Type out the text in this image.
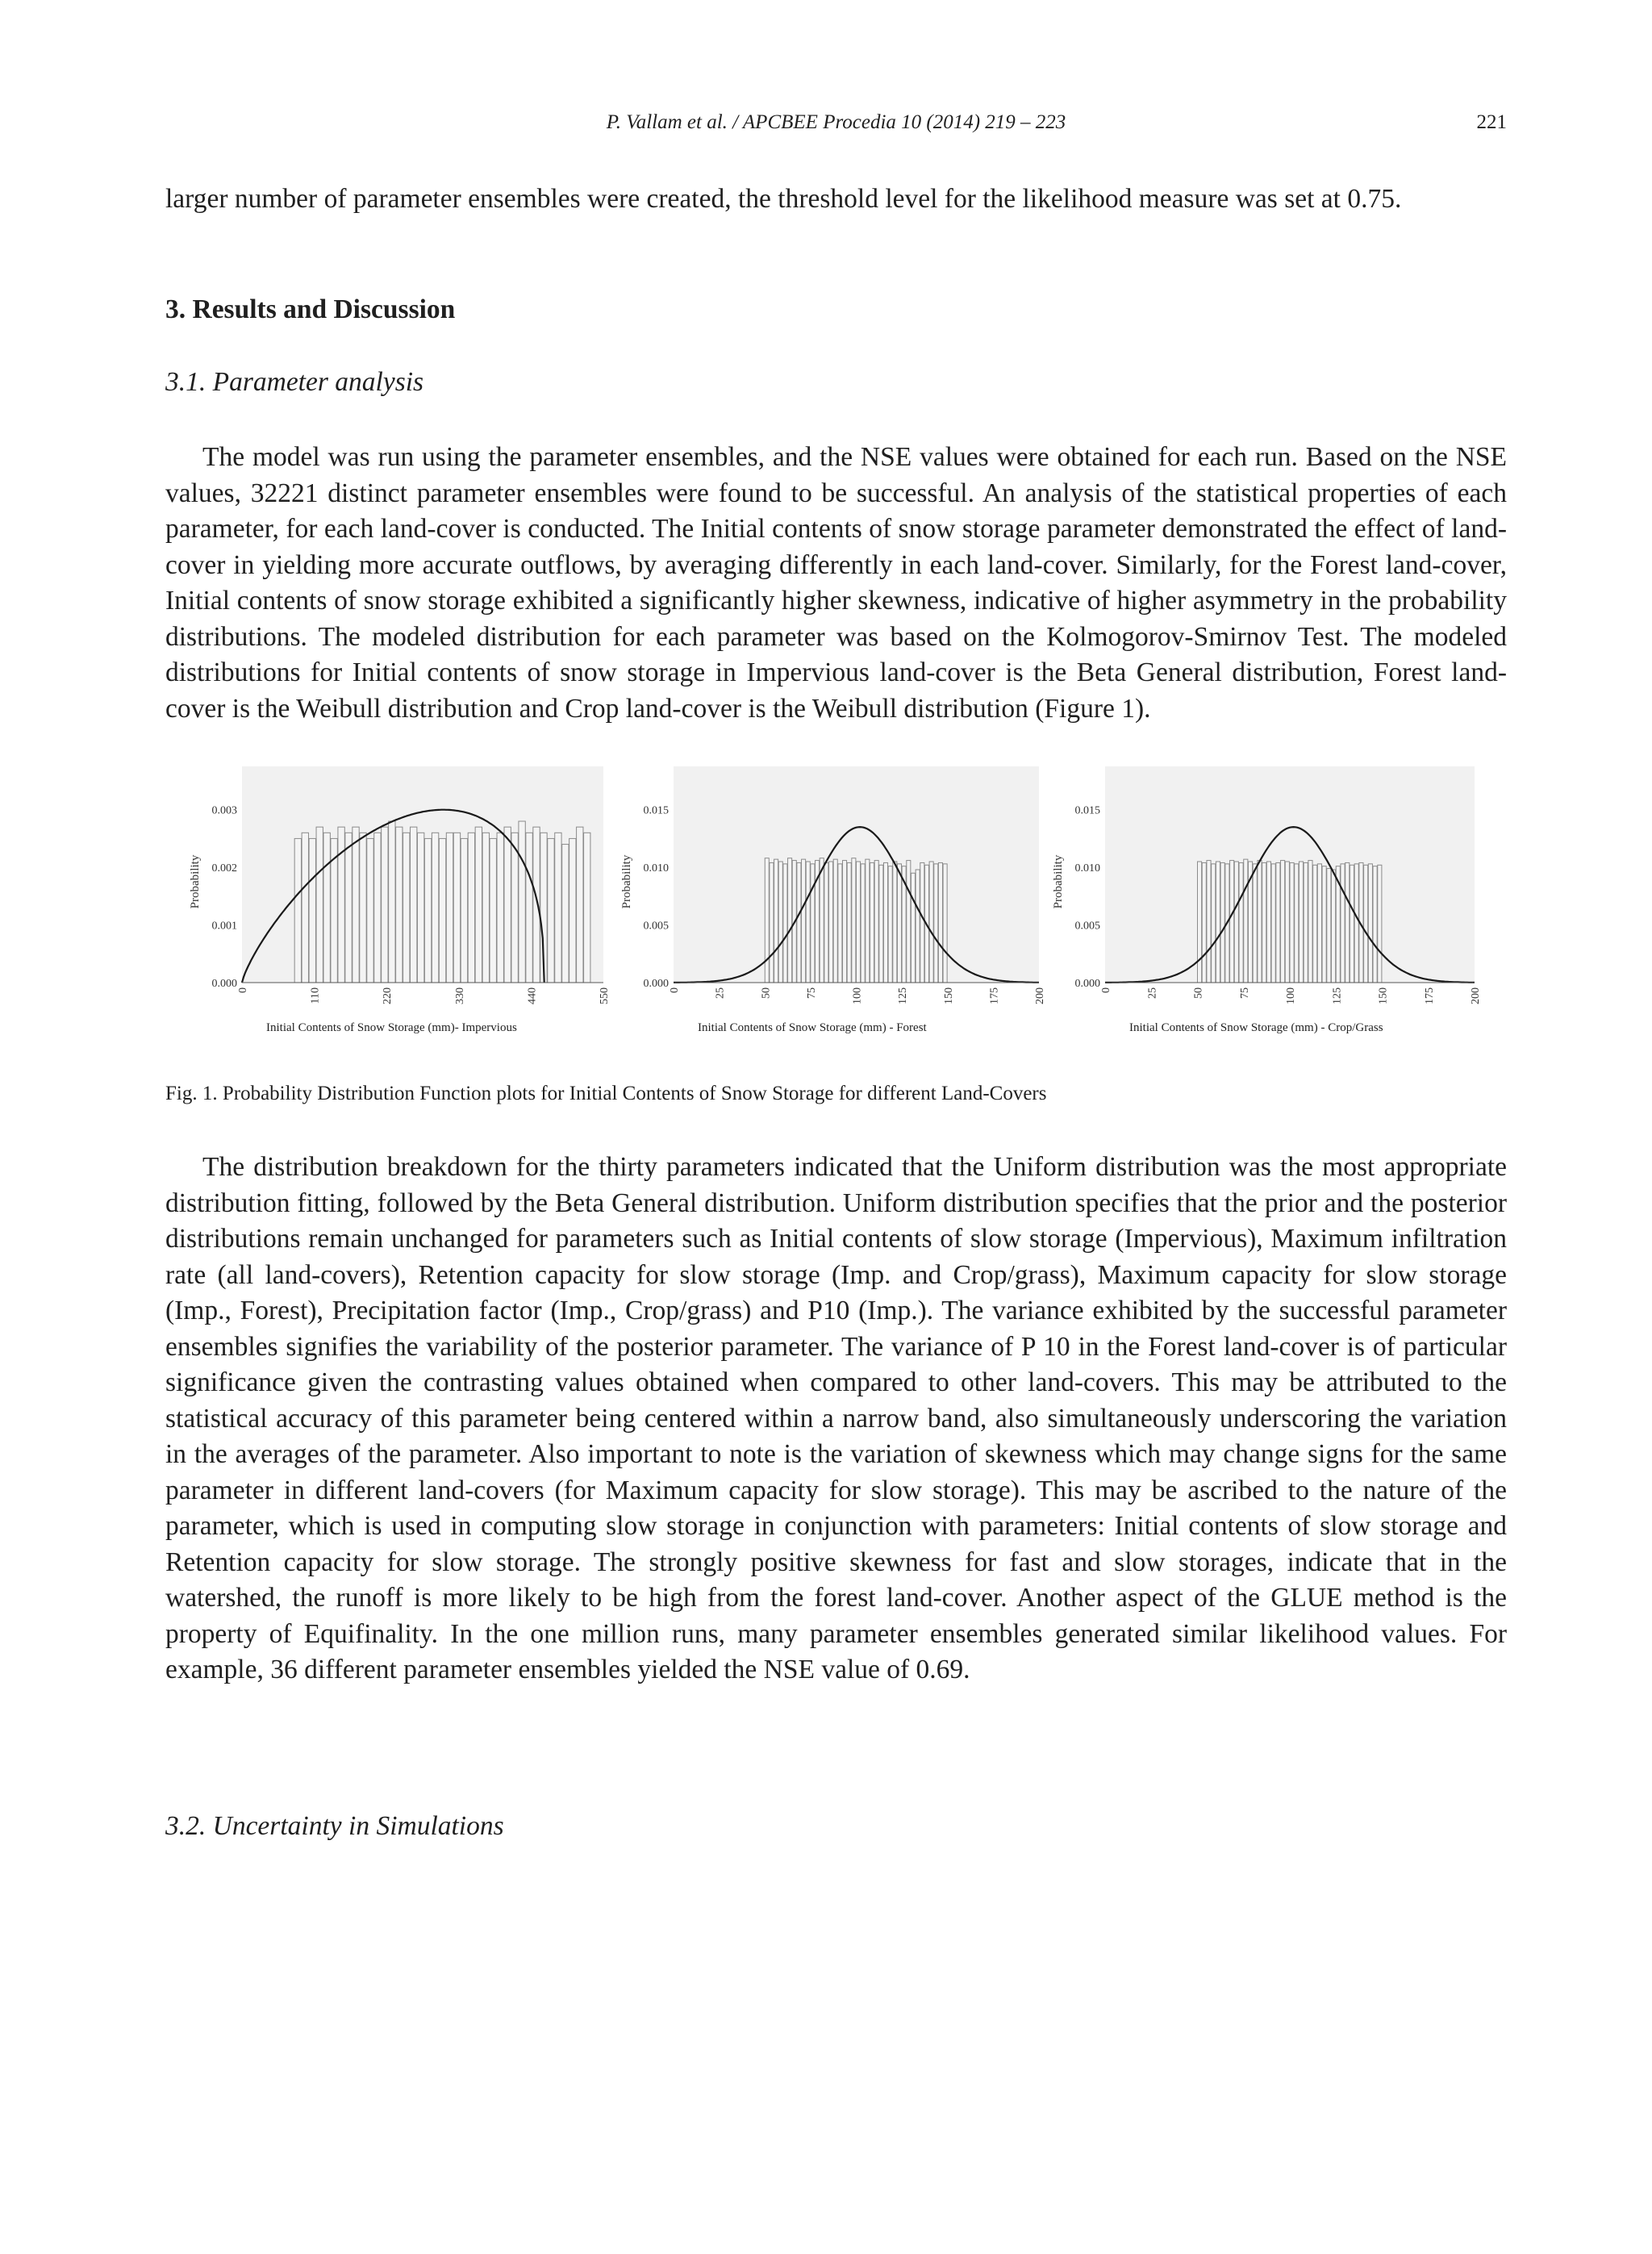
P. Vallam et al. / APCBEE Procedia 10 (2014) 219 – 223	221

larger number of parameter ensembles were created, the threshold level for the likelihood measure was set at 0.75.

3. Results and Discussion
3.1. Parameter analysis

The model was run using the parameter ensembles, and the NSE values were obtained for each run. Based on the NSE values, 32221 distinct parameter ensembles were found to be successful. An analysis of the statistical properties of each parameter, for each land-cover is conducted. The Initial contents of snow storage parameter demonstrated the effect of land-cover in yielding more accurate outflows, by averaging differently in each land-cover. Similarly, for the Forest land-cover, Initial contents of snow storage exhibited a significantly higher skewness, indicative of higher asymmetry in the probability distributions. The modeled distribution for each parameter was based on the Kolmogorov-Smirnov Test. The modeled distributions for Initial contents of snow storage in Impervious land-cover is the Beta General distribution, Forest land-cover is the Weibull distribution and Crop land-cover is the Weibull distribution (Figure 1).

Probability
0.000
0.001
0.002
0.003
0	110	220	330	440	550
Initial Contents of Snow Storage (mm)- Impervious
Probability
0.000
0.005
0.010
0.015
0	25	50	75	100	125	150	175	200
Initial Contents of Snow Storage (mm) - Forest
Probability
0.000
0.005
0.010
0.015
0	25	50	75	100	125	150	175	200
Initial Contents of Snow Storage (mm) - Crop/Grass
Fig. 1. Probability Distribution Function plots for Initial Contents of Snow Storage for different Land-Covers

The distribution breakdown for the thirty parameters indicated that the Uniform distribution was the most appropriate distribution fitting, followed by the Beta General distribution. Uniform distribution specifies that the prior and the posterior distributions remain unchanged for parameters such as Initial contents of slow storage (Impervious), Maximum infiltration rate (all land-covers), Retention capacity for slow storage (Imp. and Crop/grass), Maximum capacity for slow storage (Imp., Forest), Precipitation factor (Imp., Crop/grass) and P10 (Imp.). The variance exhibited by the successful parameter ensembles signifies the variability of the posterior parameter. The variance of P 10 in the Forest land-cover is of particular significance given the contrasting values obtained when compared to other land-covers. This may be attributed to the statistical accuracy of this parameter being centered within a narrow band, also simultaneously underscoring the variation in the averages of the parameter. Also important to note is the variation of skewness which may change signs for the same parameter in different land-covers (for Maximum capacity for slow storage). This may be ascribed to the nature of the parameter, which is used in computing slow storage in conjunction with parameters: Initial contents of slow storage and Retention capacity for slow storage. The strongly positive skewness for fast and slow storages, indicate that in the watershed, the runoff is more likely to be high from the forest land-cover. Another aspect of the GLUE method is the property of Equifinality. In the one million runs, many parameter ensembles generated similar likelihood values. For example, 36 different parameter ensembles yielded the NSE value of 0.69.

3.2. Uncertainty in Simulations
